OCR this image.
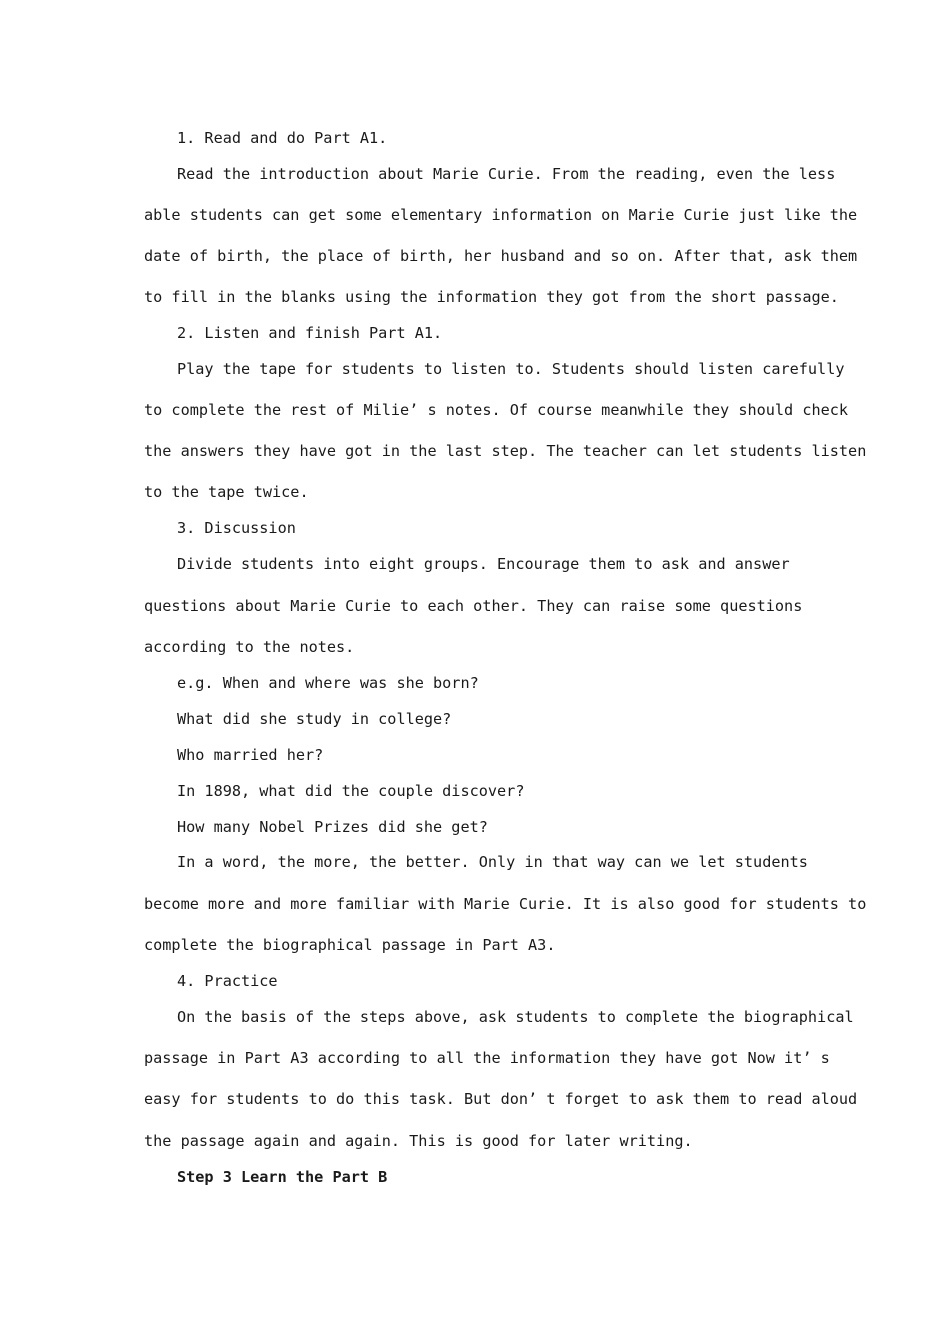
1. Read and do Part A1.
Read the introduction about Marie Curie. From the reading, even the less
able students can get some elementary information on Marie Curie just like the
date of birth, the place of birth, her husband and so on. After that, ask them
to fill in the blanks using the information they got from the short passage.
2. Listen and finish Part A1.
Play the tape for students to listen to. Students should listen carefully
to complete the rest of Milie’ s notes. Of course meanwhile they should check
the answers they have got in the last step. The teacher can let students listen
to the tape twice.
3. Discussion
Divide students into eight groups. Encourage them to ask and answer
questions about Marie Curie to each other. They can raise some questions
according to the notes.
e.g. When and where was she born?
What did she study in college?
Who married her?
In 1898, what did the couple discover?
How many Nobel Prizes did she get?
In a word, the more, the better. Only in that way can we let students
become more and more familiar with Marie Curie. It is also good for students to
complete the biographical passage in Part A3.
4. Practice
On the basis of the steps above, ask students to complete the biographical
passage in Part A3 according to all the information they have got Now it’ s
easy for students to do this task. But don’ t forget to ask them to read aloud
the passage again and again. This is good for later writing.
Step 3 Learn the Part B
